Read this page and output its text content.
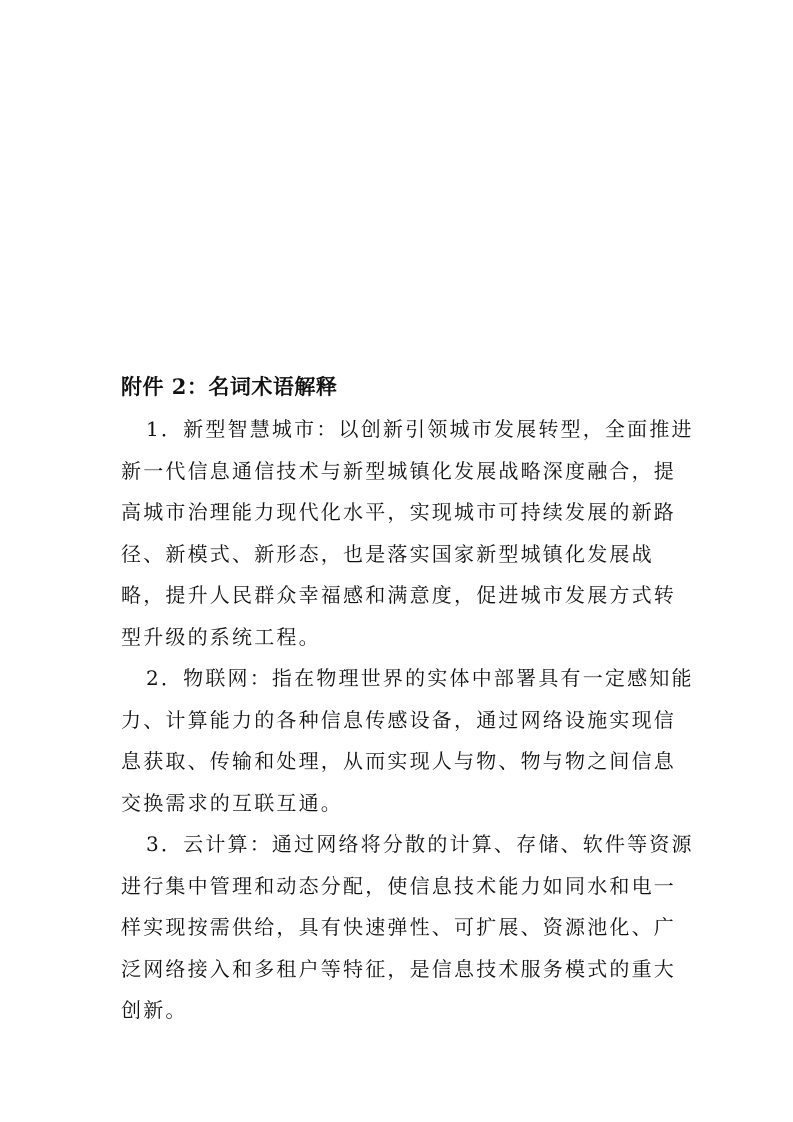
附件 2：名词术语解释
1．新型智慧城市：以创新引领城市发展转型，全面推进
新一代信息通信技术与新型城镇化发展战略深度融合，提
高城市治理能力现代化水平，实现城市可持续发展的新路
径、新模式、新形态，也是落实国家新型城镇化发展战
略，提升人民群众幸福感和满意度，促进城市发展方式转
型升级的系统工程。
2．物联网：指在物理世界的实体中部署具有一定感知能
力、计算能力的各种信息传感设备，通过网络设施实现信
息获取、传输和处理，从而实现人与物、物与物之间信息
交换需求的互联互通。
3．云计算：通过网络将分散的计算、存储、软件等资源
进行集中管理和动态分配，使信息技术能力如同水和电一
样实现按需供给，具有快速弹性、可扩展、资源池化、广
泛网络接入和多租户等特征，是信息技术服务模式的重大
创新。
